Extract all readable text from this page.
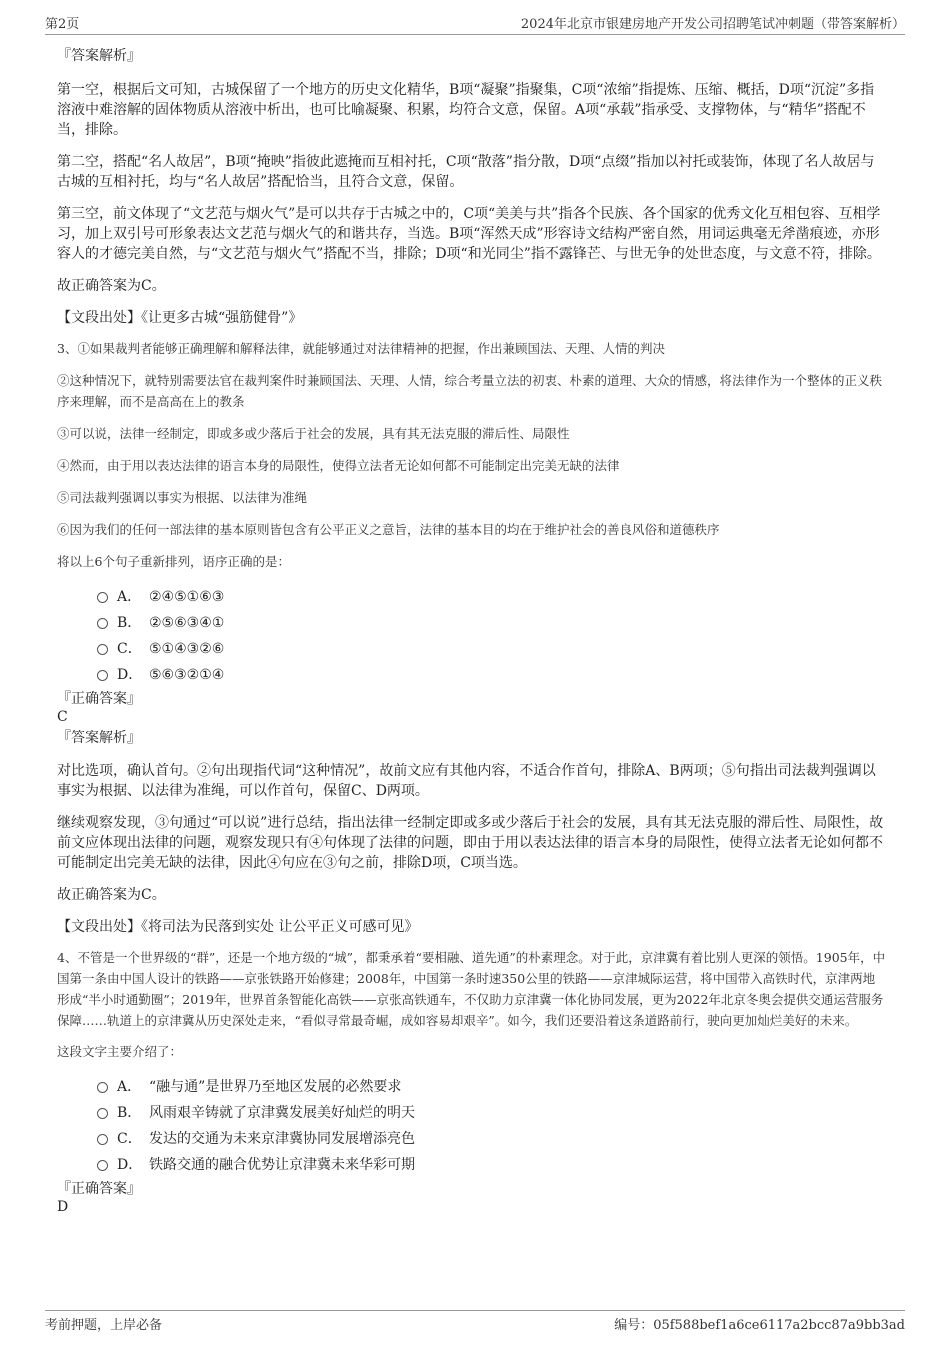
第2页	2024年北京市银建房地产开发公司招聘笔试冲刺题（带答案解析）

『答案解析』

第一空，根据后文可知，古城保留了一个地方的历史文化精华，B项“凝聚”指聚集，C项“浓缩”指提炼、压缩、概括，D项“沉淀”多指溶液中难溶解的固体物质从溶液中析出，也可比喻凝聚、积累，均符合文意，保留。A项“承载”指承受、支撑物体，与“精华”搭配不当，排除。

第二空，搭配“名人故居”，B项“掩映”指彼此遮掩而互相衬托，C项“散落”指分散，D项“点缀”指加以衬托或装饰，体现了名人故居与古城的互相衬托，均与“名人故居”搭配恰当，且符合文意，保留。

第三空，前文体现了“文艺范与烟火气”是可以共存于古城之中的，C项“美美与共”指各个民族、各个国家的优秀文化互相包容、互相学习，加上双引号可形象表达文艺范与烟火气的和谐共存，当选。B项“浑然天成”形容诗文结构严密自然，用词运典毫无斧凿痕迹，亦形容人的才德完美自然，与“文艺范与烟火气”搭配不当，排除；D项“和光同尘”指不露锋芒、与世无争的处世态度，与文意不符，排除。

故正确答案为C。

【文段出处】《让更多古城“强筋健骨”》

3、①如果裁判者能够正确理解和解释法律，就能够通过对法律精神的把握，作出兼顾国法、天理、人情的判决

②这种情况下，就特别需要法官在裁判案件时兼顾国法、天理、人情，综合考量立法的初衷、朴素的道理、大众的情感，将法律作为一个整体的正义秩序来理解，而不是高高在上的教条

③可以说，法律一经制定，即或多或少落后于社会的发展，具有其无法克服的滞后性、局限性

④然而，由于用以表达法律的语言本身的局限性，使得立法者无论如何都不可能制定出完美无缺的法律

⑤司法裁判强调以事实为根据、以法律为准绳

⑥因为我们的任何一部法律的基本原则皆包含有公平正义之意旨，法律的基本目的均在于维护社会的善良风俗和道德秩序

将以上6个句子重新排列，语序正确的是：

A． ②④⑤①⑥③
B． ②⑤⑥③④①
C． ⑤①④③②⑥
D． ⑤⑥③②①④

『正确答案』

C

『答案解析』

对比选项，确认首句。②句出现指代词“这种情况”，故前文应有其他内容，不适合作首句，排除A、B两项；⑤句指出司法裁判强调以事实为根据、以法律为准绳，可以作首句，保留C、D两项。

继续观察发现，③句通过“可以说”进行总结，指出法律一经制定即或多或少落后于社会的发展，具有其无法克服的滞后性、局限性，故前文应体现出法律的问题，观察发现只有④句体现了法律的问题，即由于用以表达法律的语言本身的局限性，使得立法者无论如何都不可能制定出完美无缺的法律，因此④句应在③句之前，排除D项，C项当选。

故正确答案为C。

【文段出处】《将司法为民落到实处 让公平正义可感可见》

4、不管是一个世界级的“群”，还是一个地方级的“城”，都秉承着“要相融、道先通”的朴素理念。对于此，京津冀有着比别人更深的领悟。1905年，中国第一条由中国人设计的铁路——京张铁路开始修建；2008年，中国第一条时速350公里的铁路——京津城际运营，将中国带入高铁时代，京津两地形成“半小时通勤圈”；2019年，世界首条智能化高铁——京张高铁通车，不仅助力京津冀一体化协同发展，更为2022年北京冬奥会提供交通运营服务保障……轨道上的京津冀从历史深处走来，“看似寻常最奇崛，成如容易却艰辛”。如今，我们还要沿着这条道路前行，驶向更加灿烂美好的未来。

这段文字主要介绍了：

A． “融与通”是世界乃至地区发展的必然要求
B． 风雨艰辛铸就了京津冀发展美好灿烂的明天
C． 发达的交通为未来京津冀协同发展增添亮色
D． 铁路交通的融合优势让京津冀未来华彩可期

『正确答案』

D

考前押题，上岸必备	编号：05f588bef1a6ce6117a2bcc87a9bb3ad
